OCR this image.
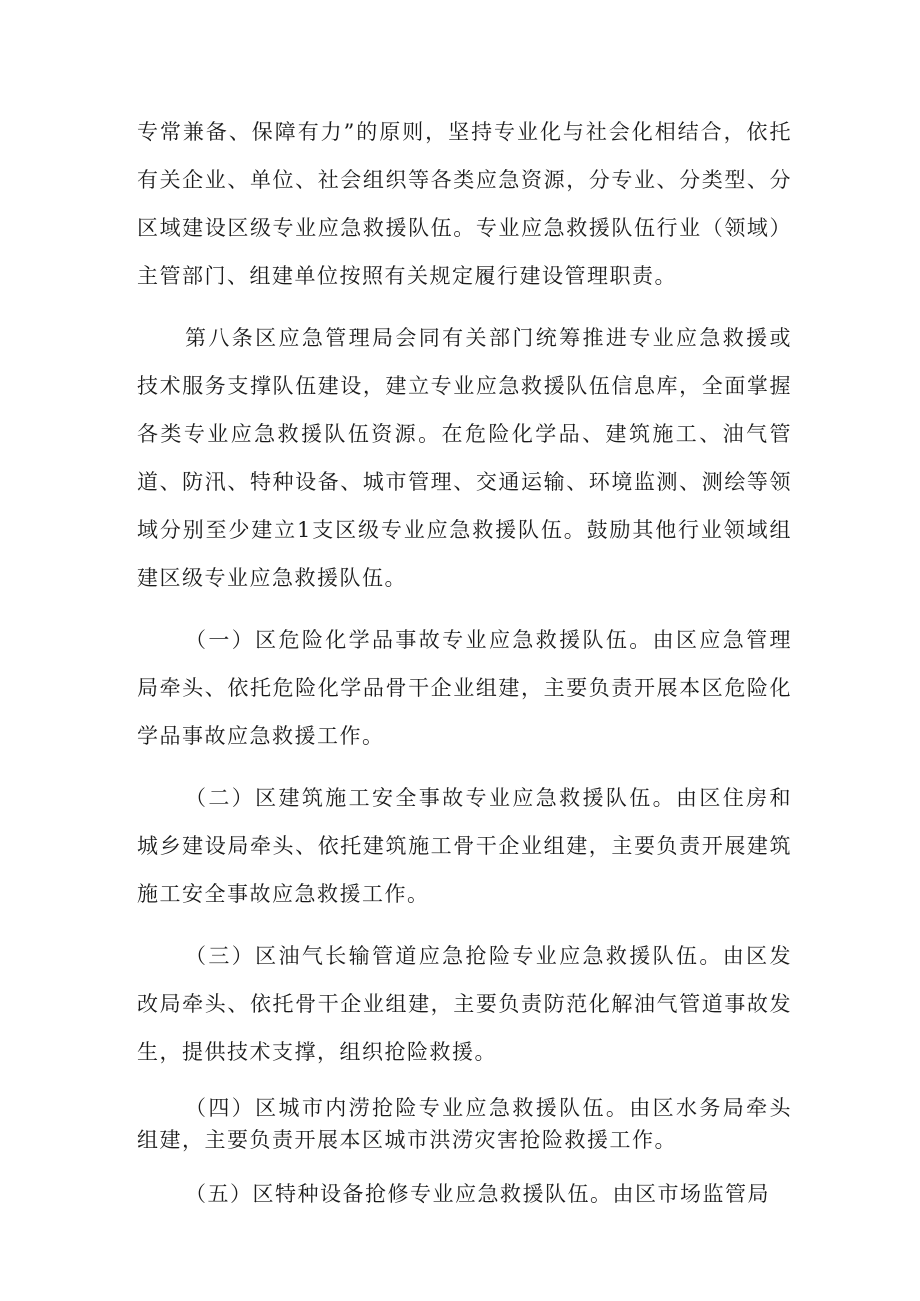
专常兼备、保障有力”的原则，坚持专业化与社会化相结合，依托有关企业、单位、社会组织等各类应急资源，分专业、分类型、分区域建设区级专业应急救援队伍。专业应急救援队伍行业（领域）主管部门、组建单位按照有关规定履行建设管理职责。

第八条区应急管理局会同有关部门统筹推进专业应急救援或技术服务支撑队伍建设，建立专业应急救援队伍信息库，全面掌握各类专业应急救援队伍资源。在危险化学品、建筑施工、油气管道、防汛、特种设备、城市管理、交通运输、环境监测、测绘等领域分别至少建立1支区级专业应急救援队伍。鼓励其他行业领域组建区级专业应急救援队伍。

（一）区危险化学品事故专业应急救援队伍。由区应急管理局牵头、依托危险化学品骨干企业组建，主要负责开展本区危险化学品事故应急救援工作。

（二）区建筑施工安全事故专业应急救援队伍。由区住房和城乡建设局牵头、依托建筑施工骨干企业组建，主要负责开展建筑施工安全事故应急救援工作。

（三）区油气长输管道应急抢险专业应急救援队伍。由区发改局牵头、依托骨干企业组建，主要负责防范化解油气管道事故发生，提供技术支撑，组织抢险救援。

（四）区城市内涝抢险专业应急救援队伍。由区水务局牵头组建，主要负责开展本区城市洪涝灾害抢险救援工作。

（五）区特种设备抢修专业应急救援队伍。由区市场监管局
